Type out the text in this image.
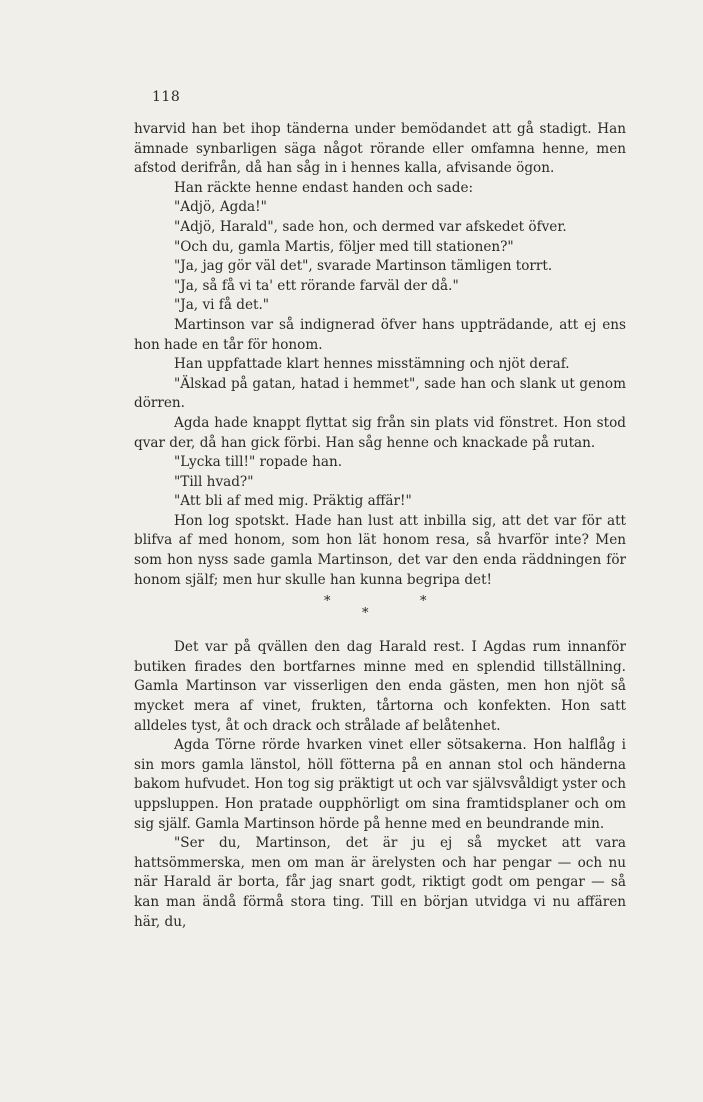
118

hvarvid han bet ihop tänderna under bemödandet att gå stadigt. Han ämnade synbarligen säga något rörande eller omfamna henne, men afstod derifrån, då han såg in i hennes kalla, afvisande ögon.

Han räckte henne endast handen och sade:

"Adjö, Agda!"

"Adjö, Harald", sade hon, och dermed var afskedet öfver.

"Och du, gamla Martis, följer med till stationen?"

"Ja, jag gör väl det", svarade Martinson tämligen torrt.

"Ja, så få vi ta' ett rörande farväl der då."

"Ja, vi få det."

Martinson var så indignerad öfver hans uppträdande, att ej ens hon hade en tår för honom.

Han uppfattade klart hennes misstämning och njöt deraf.

"Älskad på gatan, hatad i hemmet", sade han och slank ut genom dörren.

Agda hade knappt flyttat sig från sin plats vid fönstret. Hon stod qvar der, då han gick förbi. Han såg henne och knackade på rutan.

"Lycka till!" ropade han.

"Till hvad?"

"Att bli af med mig. Präktig affär!"

Hon log spotskt. Hade han lust att inbilla sig, att det var för att blifva af med honom, som hon lät honom resa, så hvarför inte? Men som hon nyss sade gamla Martinson, det var den enda räddningen för honom själf; men hur skulle han kunna begripa det!

*	*
*

Det var på qvällen den dag Harald rest. I Agdas rum innanför butiken firades den bortfarnes minne med en splendid tillställning. Gamla Martinson var visserligen den enda gästen, men hon njöt så mycket mera af vinet, frukten, tårtorna och konfekten. Hon satt alldeles tyst, åt och drack och strålade af belåtenhet.

Agda Törne rörde hvarken vinet eller sötsakerna. Hon halflåg i sin mors gamla länstol, höll fötterna på en annan stol och händerna bakom hufvudet. Hon tog sig präktigt ut och var självsvåldigt yster och uppsluppen. Hon pratade oupphörligt om sina framtidsplaner och om sig själf. Gamla Martinson hörde på henne med en beundrande min.

"Ser du, Martinson, det är ju ej så mycket att vara hattsömmerska, men om man är ärelysten och har pengar — och nu när Harald är borta, får jag snart godt, riktigt godt om pengar — så kan man ändå förmå stora ting. Till en början utvidga vi nu affären här, du,
